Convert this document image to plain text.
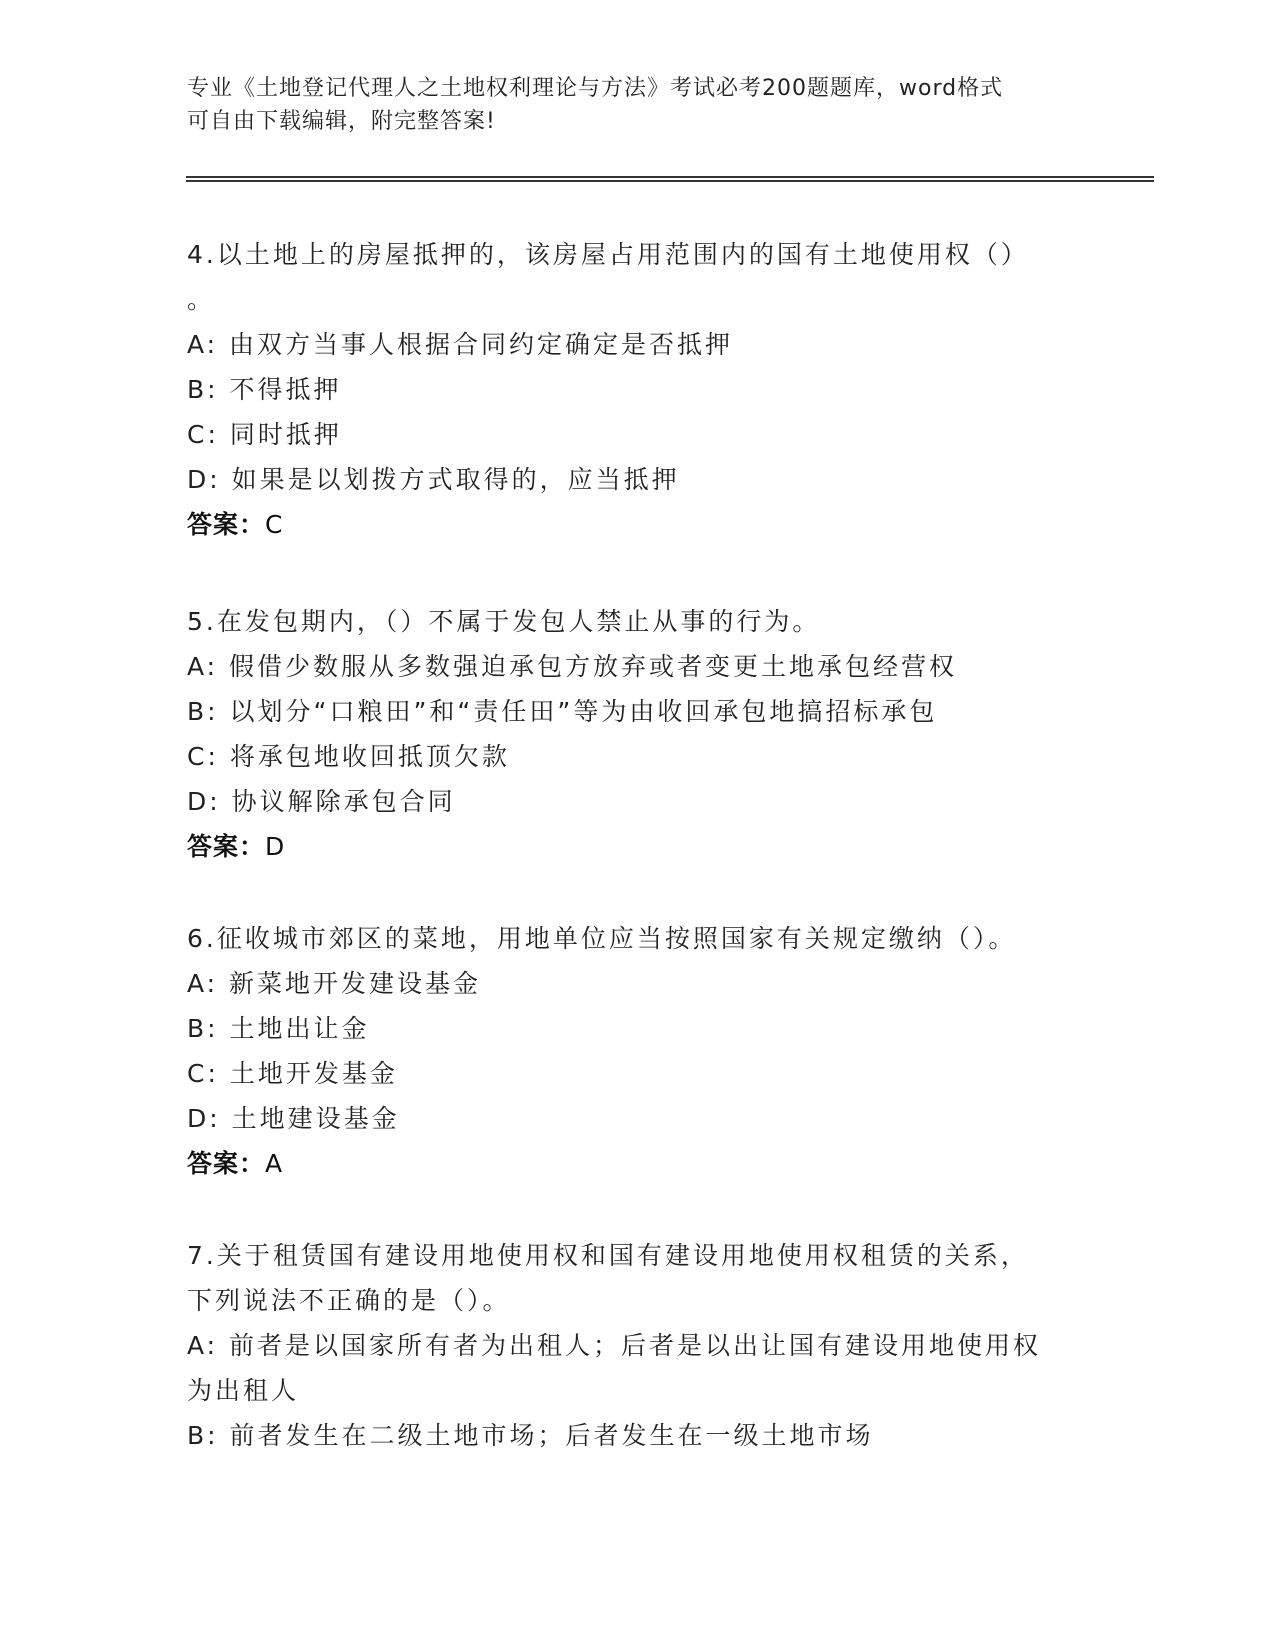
专业《土地登记代理人之土地权利理论与方法》考试必考200题题库，word格式
可自由下载编辑，附完整答案!

4.以土地上的房屋抵押的，该房屋占用范围内的国有土地使用权（）

。

A: 由双方当事人根据合同约定确定是否抵押

B: 不得抵押

C: 同时抵押

D: 如果是以划拨方式取得的，应当抵押

答案：C

5.在发包期内，（）不属于发包人禁止从事的行为。

A: 假借少数服从多数强迫承包方放弃或者变更土地承包经营权

B: 以划分“口粮田”和“责任田”等为由收回承包地搞招标承包

C: 将承包地收回抵顶欠款

D: 协议解除承包合同

答案：D

6.征收城市郊区的菜地，用地单位应当按照国家有关规定缴纳（）。

A: 新菜地开发建设基金

B: 土地出让金

C: 土地开发基金

D: 土地建设基金

答案：A

7.关于租赁国有建设用地使用权和国有建设用地使用权租赁的关系，

下列说法不正确的是（）。

A: 前者是以国家所有者为出租人；后者是以出让国有建设用地使用权

为出租人

B: 前者发生在二级土地市场；后者发生在一级土地市场
